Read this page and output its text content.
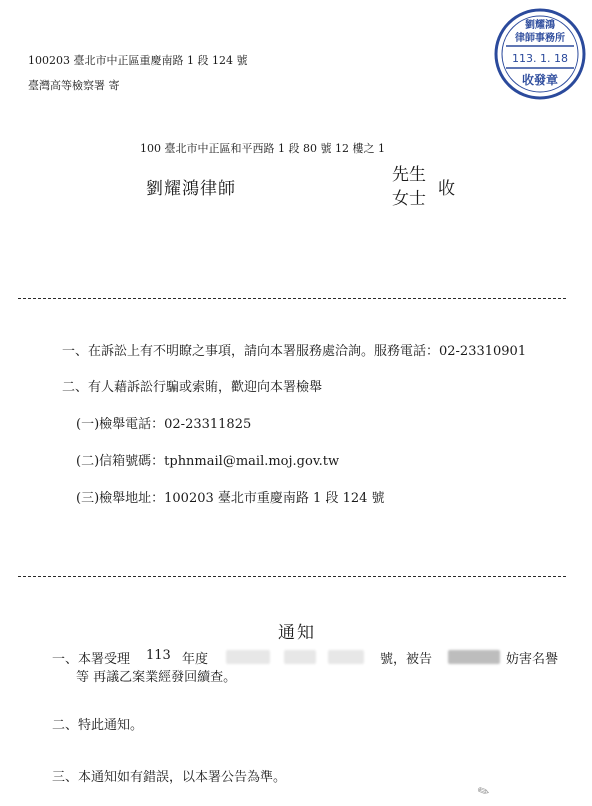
100203 臺北市中正區重慶南路 1 段 124 號
臺灣高等檢察署 寄
劉耀鴻
律師事務所
113. 1. 18
收發章
100 臺北市中正區和平西路 1 段 80 號 12 樓之 1
劉耀鴻律師
先生
女士 收
一、在訴訟上有不明瞭之事項，請向本署服務處洽詢。服務電話：02-23310901
二、有人藉訴訟行騙或索賄，歡迎向本署檢舉
(一)檢舉電話：02-23311825
(二)信箱號碼：tphnmail@mail.moj.gov.tw
(三)檢舉地址：100203 臺北市重慶南路 1 段 124 號
通知
一、本署受理 113 年度	號，被告	妨害名譽
等 再議乙案業經發回續查。
二、特此通知。
三、本通知如有錯誤，以本署公告為準。
✎
